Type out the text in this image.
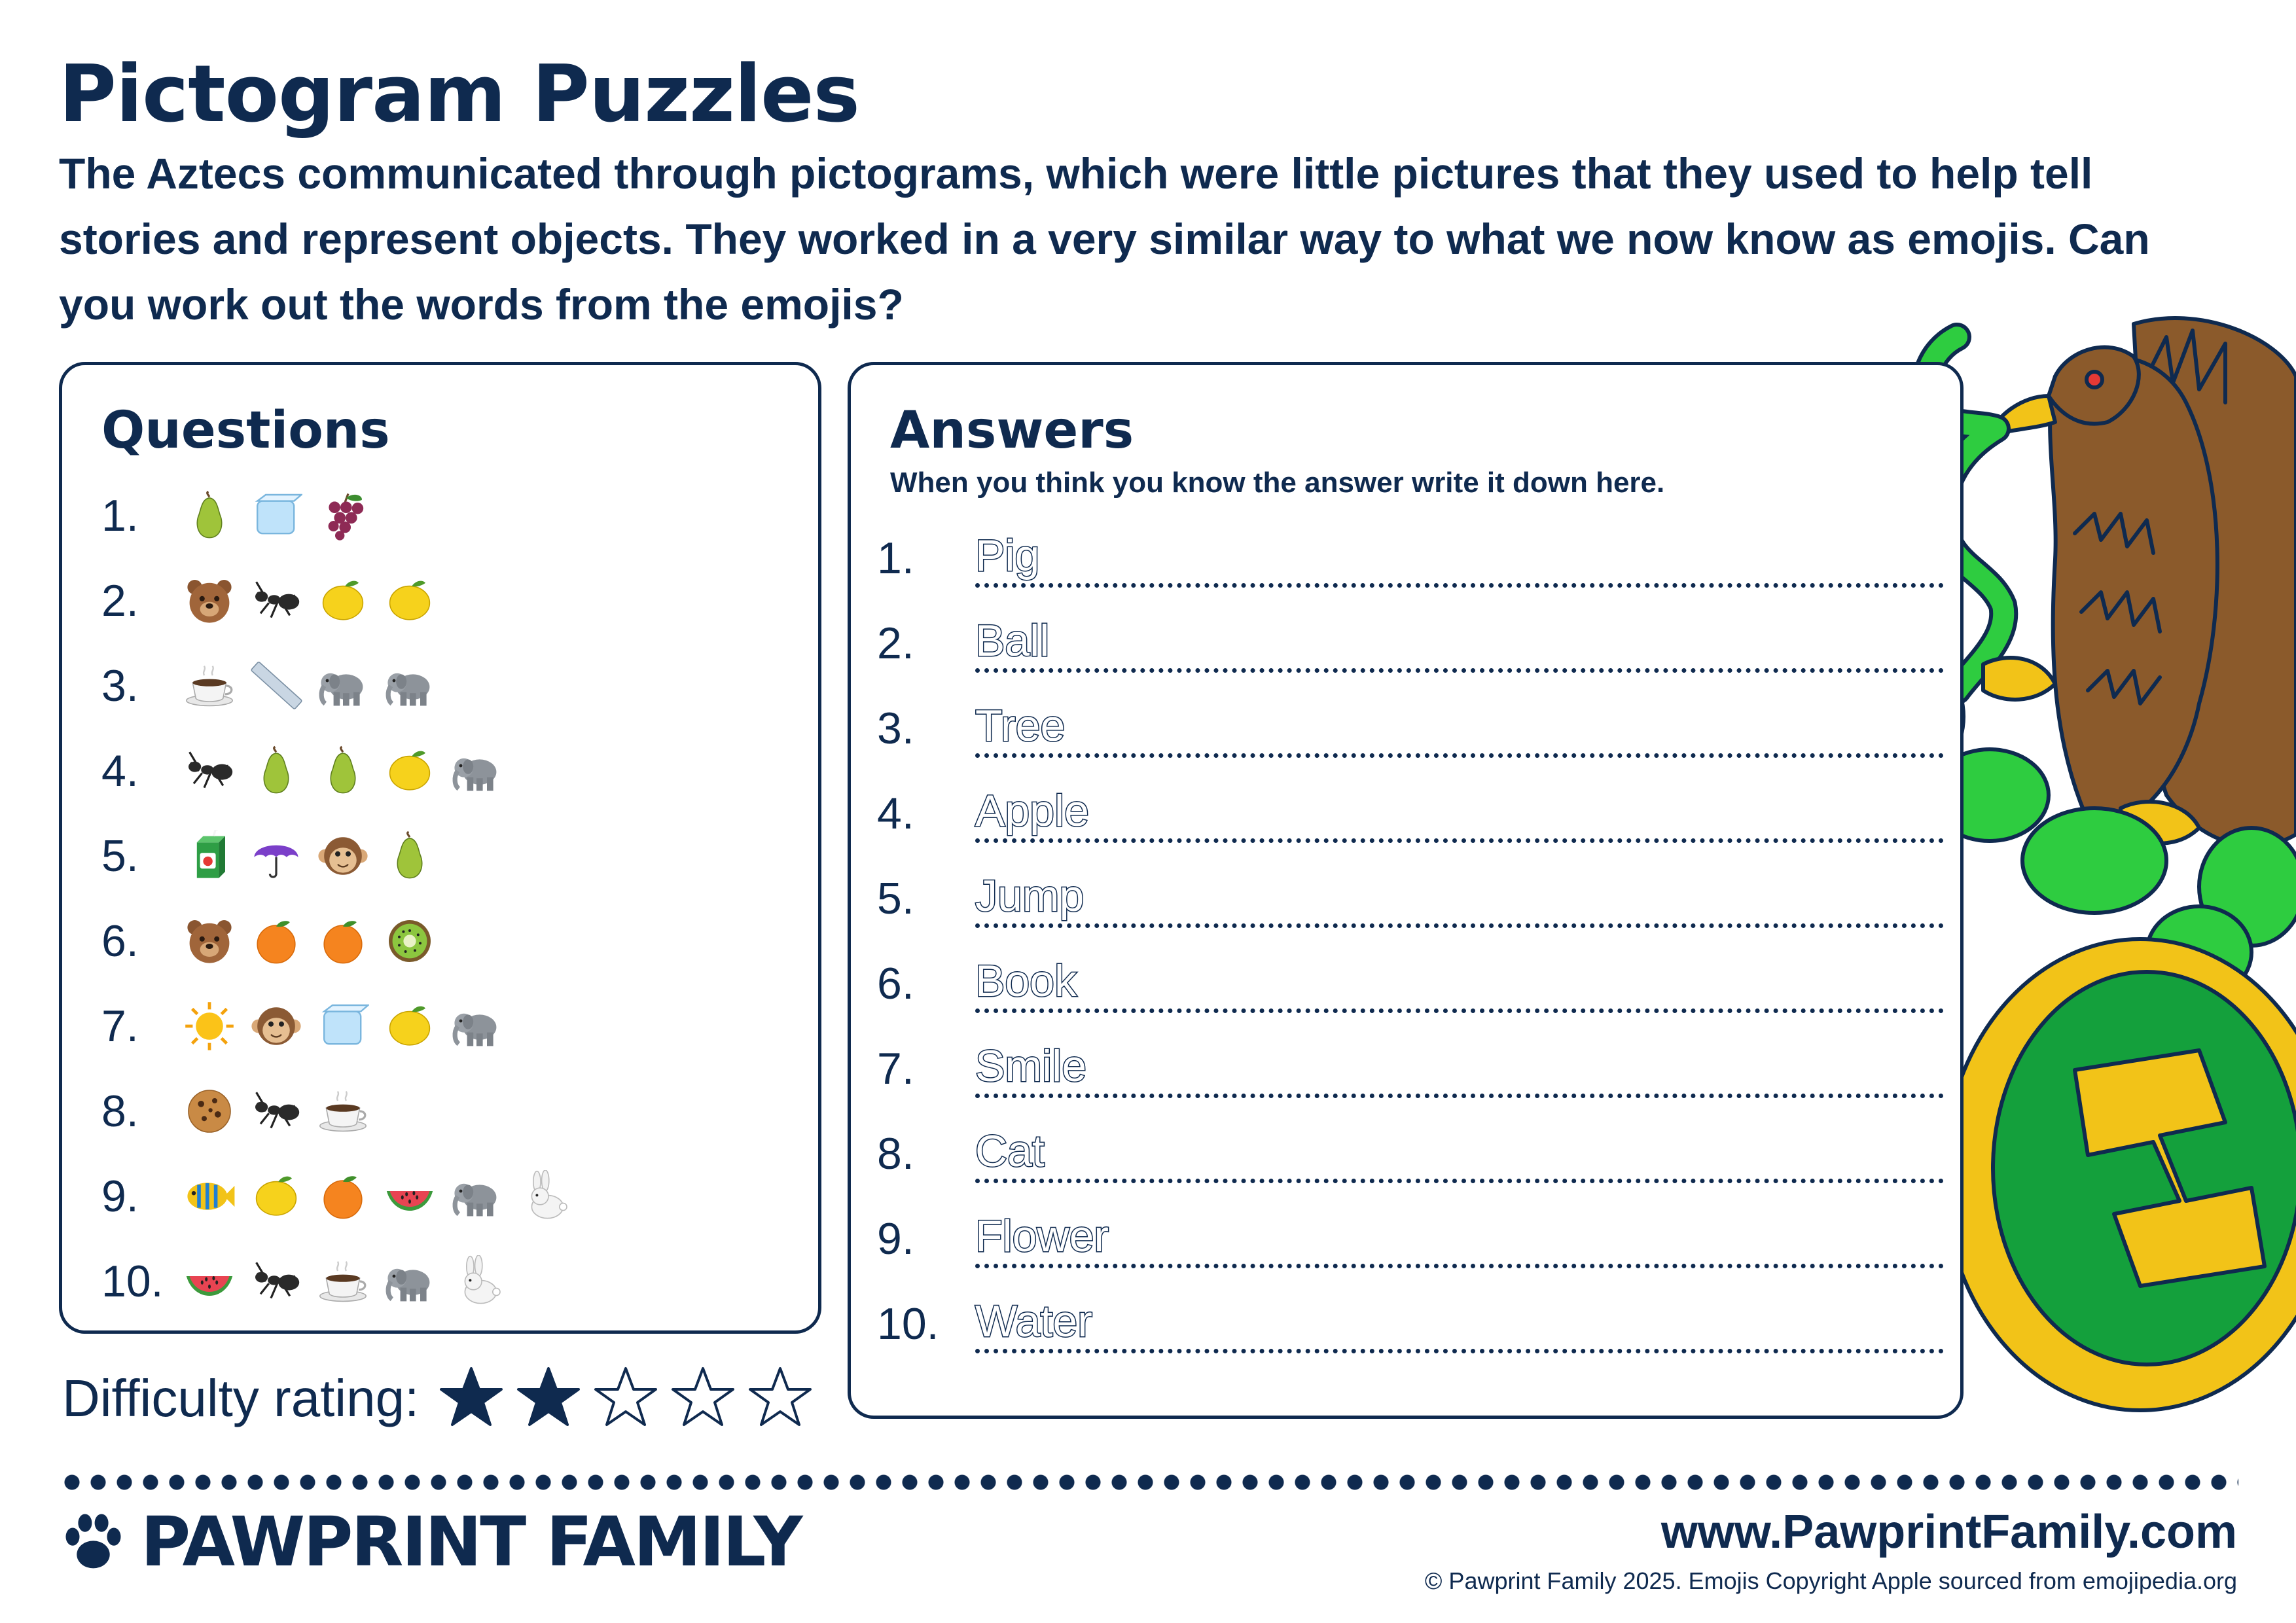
Pictogram Puzzles

The Aztecs communicated through pictograms, which were little pictures that they used to help tell stories and represent objects. They worked in a very similar way to what we now know as emojis. Can you work out the words from the emojis?

Questions
1.
2.
3.
4.
5.
6.
7.
8.
9.
10.
Answers

When you think you know the answer write it down here.

1.	Pig
2.	Ball
3.	Tree
4.	Apple
5.	Jump
6.	Book
7.	Smile
8.	Cat
9.	Flower
10. Water
Difficulty rating:
PAWPRINT FAMILY	www.PawprintFamily.com
© Pawprint Family 2025. Emojis Copyright Apple sourced from emojipedia.org
